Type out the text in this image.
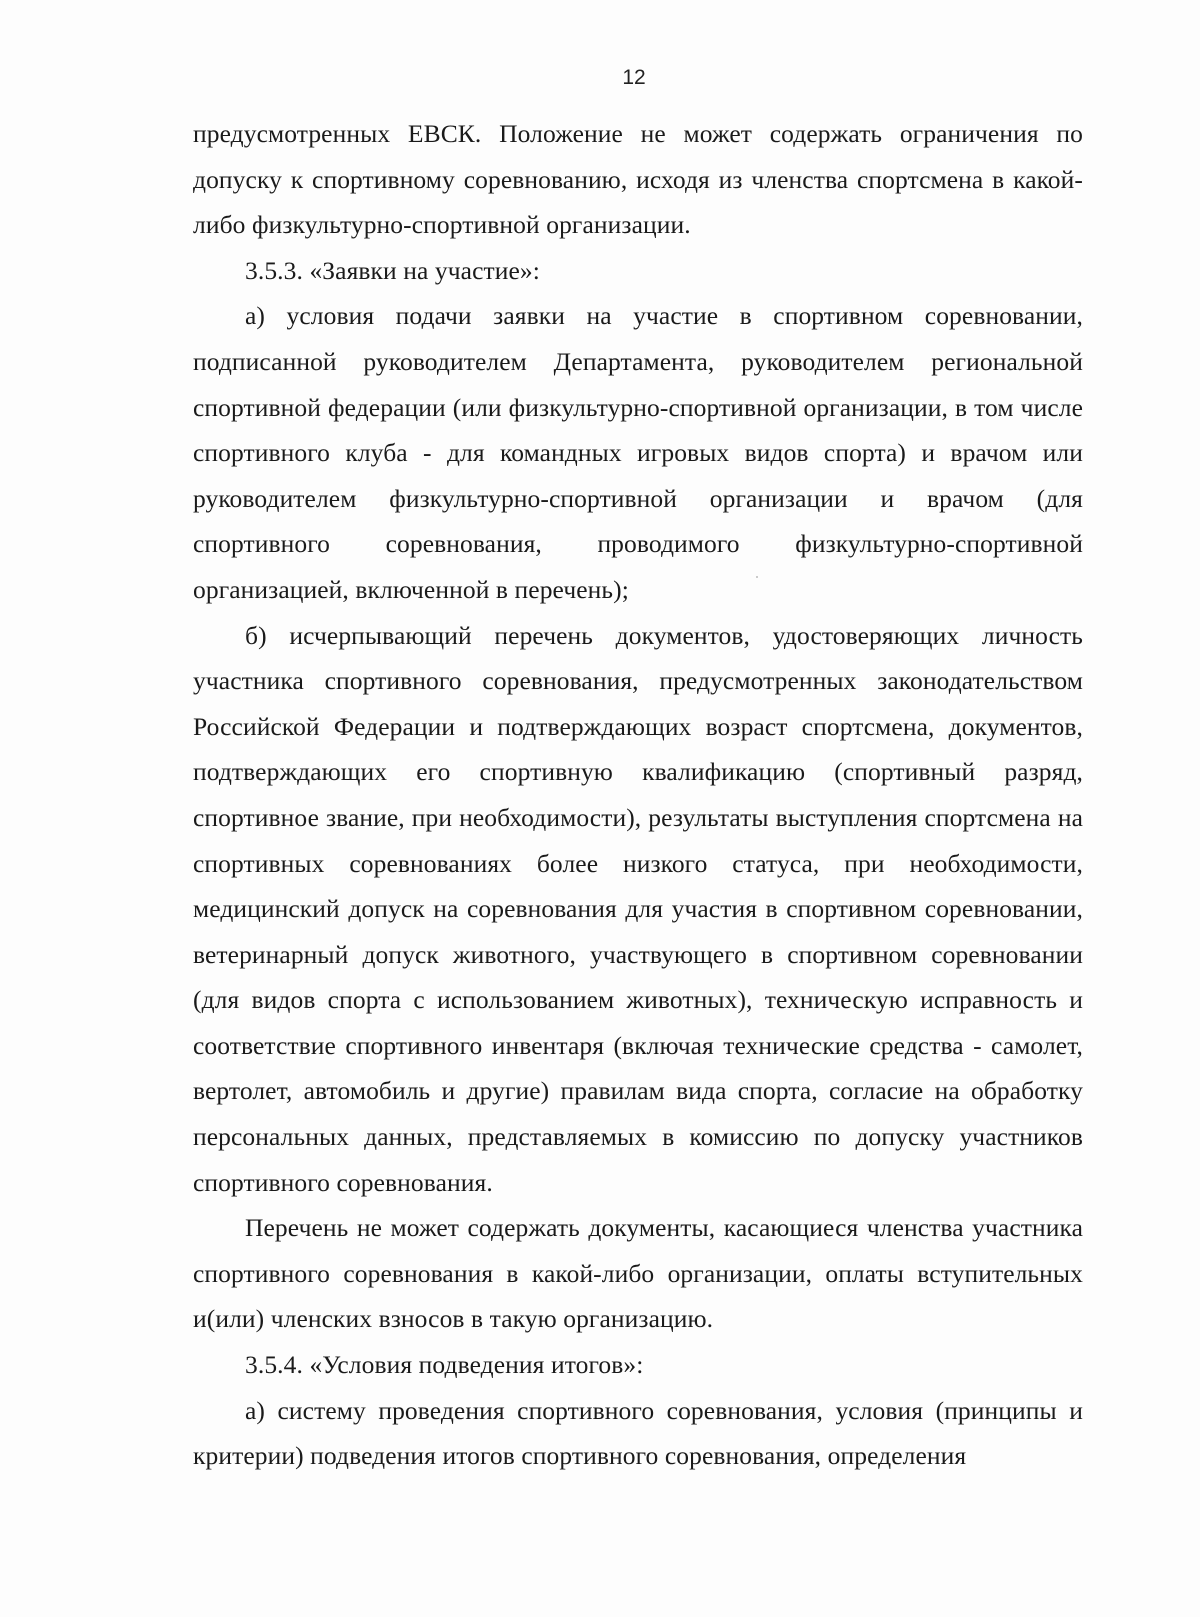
12

предусмотренных ЕВСК. Положение не может содержать ограничения по допуску к спортивному соревнованию, исходя из членства спортсмена в какой-либо физкультурно-спортивной организации.

3.5.3. «Заявки на участие»:

а) условия подачи заявки на участие в спортивном соревновании, подписанной руководителем Департамента, руководителем региональной спортивной федерации (или физкультурно-спортивной организации, в том числе спортивного клуба - для командных игровых видов спорта) и врачом или руководителем физкультурно-спортивной организации и врачом (для спортивного соревнования, проводимого физкультурно-спортивной организацией, включенной в перечень);

б) исчерпывающий перечень документов, удостоверяющих личность участника спортивного соревнования, предусмотренных законодательством Российской Федерации и подтверждающих возраст спортсмена, документов, подтверждающих его спортивную квалификацию (спортивный разряд, спортивное звание, при необходимости), результаты выступления спортсмена на спортивных соревнованиях более низкого статуса, при необходимости, медицинский допуск на соревнования для участия в спортивном соревновании, ветеринарный допуск животного, участвующего в спортивном соревновании (для видов спорта с использованием животных), техническую исправность и соответствие спортивного инвентаря (включая технические средства - самолет, вертолет, автомобиль и другие) правилам вида спорта, согласие на обработку персональных данных, представляемых в комиссию по допуску участников спортивного соревнования.

Перечень не может содержать документы, касающиеся членства участника спортивного соревнования в какой-либо организации, оплаты вступительных и(или) членских взносов в такую организацию.

3.5.4. «Условия подведения итогов»:

а) систему проведения спортивного соревнования, условия (принципы и критерии) подведения итогов спортивного соревнования, определения
